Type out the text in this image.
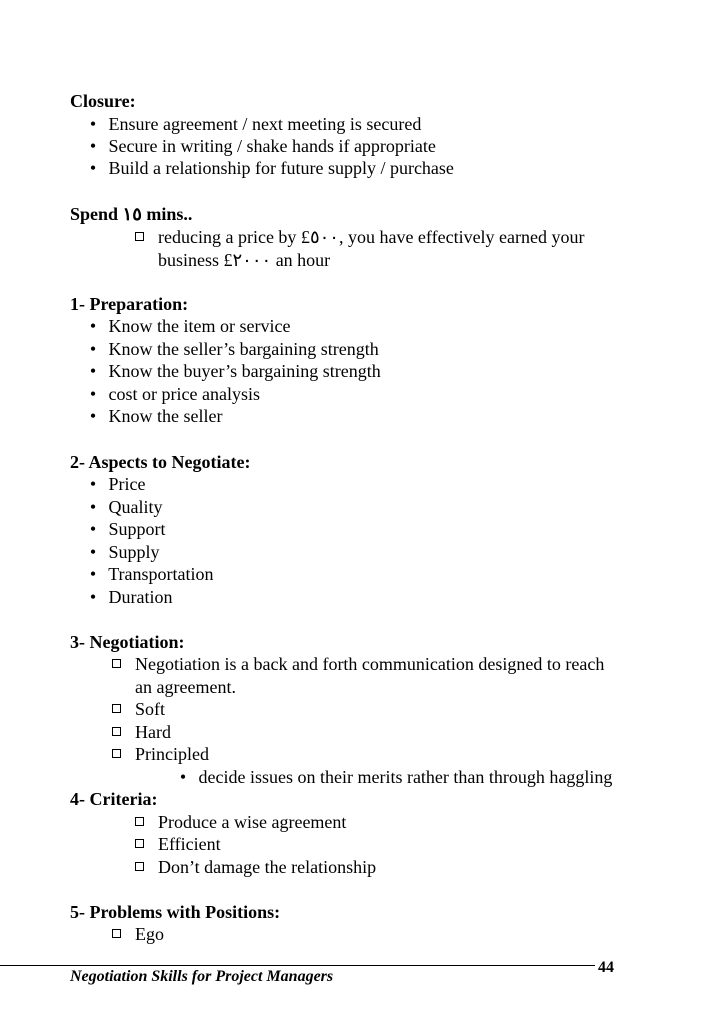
Closure:
• Ensure agreement / next meeting is secured
• Secure in writing / shake hands if appropriate
• Build a relationship for future supply / purchase
Spend ١٥ mins..
reducing a price by £٥٠٠, you have effectively earned your
business £٢٠٠٠ an hour
1- Preparation:
• Know the item or service
• Know the seller’s bargaining strength
• Know the buyer’s bargaining strength
• cost or price analysis
• Know the seller
2- Aspects to Negotiate:
• Price
• Quality
• Support
• Supply
• Transportation
• Duration
3- Negotiation:
Negotiation is a back and forth communication designed to reach
an agreement.
Soft
Hard
Principled
• decide issues on their merits rather than through haggling
4- Criteria:
Produce a wise agreement
Efficient
Don’t damage the relationship
5- Problems with Positions:
Ego
Negotiation Skills for Project Managers
44
